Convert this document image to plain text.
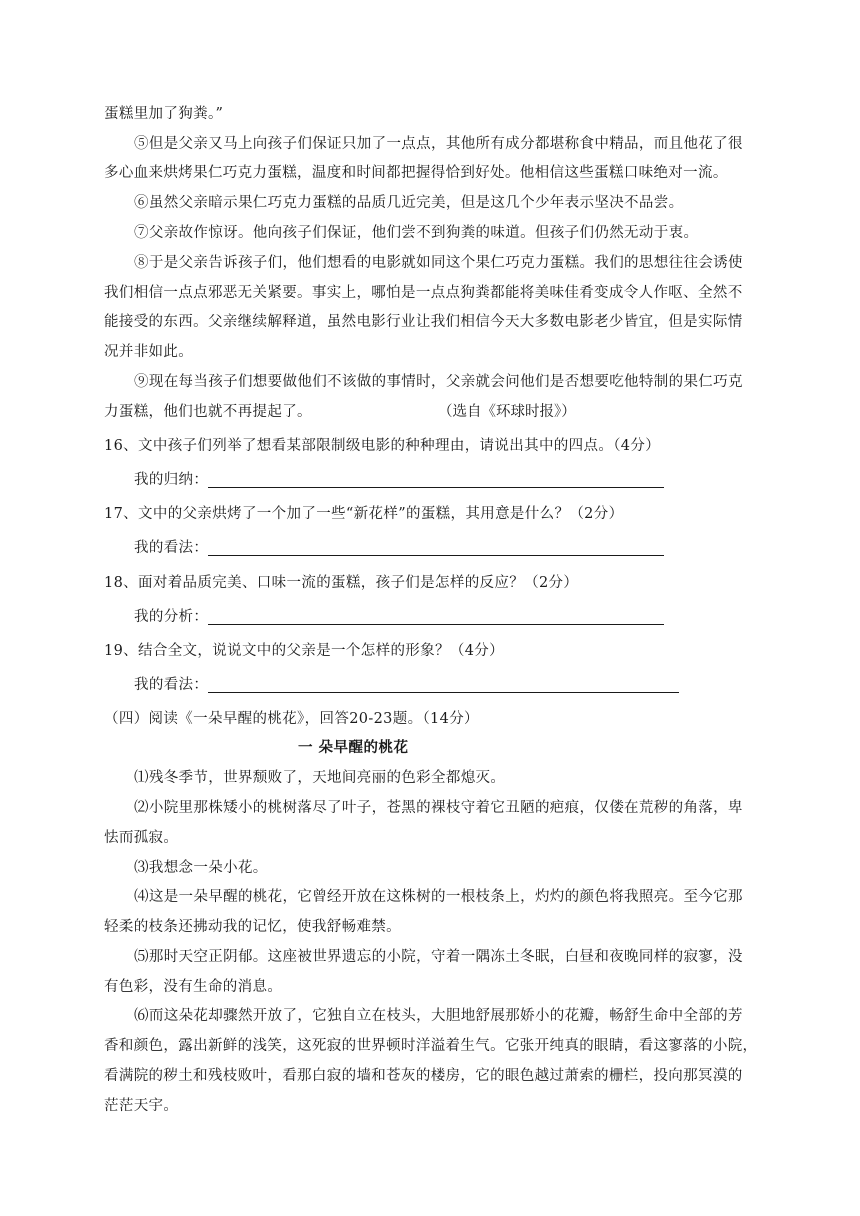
蛋糕里加了狗粪。”
⑤但是父亲又马上向孩子们保证只加了一点点，其他所有成分都堪称食中精品，而且他花了很
多心血来烘烤果仁巧克力蛋糕，温度和时间都把握得恰到好处。他相信这些蛋糕口味绝对一流。
⑥虽然父亲暗示果仁巧克力蛋糕的品质几近完美，但是这几个少年表示坚决不品尝。
⑦父亲故作惊讶。他向孩子们保证，他们尝不到狗粪的味道。但孩子们仍然无动于衷。
⑧于是父亲告诉孩子们，他们想看的电影就如同这个果仁巧克力蛋糕。我们的思想往往会诱使
我们相信一点点邪恶无关紧要。事实上，哪怕是一点点狗粪都能将美味佳肴变成令人作呕、全然不
能接受的东西。父亲继续解释道，虽然电影行业让我们相信今天大多数电影老少皆宜，但是实际情
况并非如此。
⑨现在每当孩子们想要做他们不该做的事情时，父亲就会问他们是否想要吃他特制的果仁巧克
力蛋糕，他们也就不再提起了。	（选自《环球时报》）
16、文中孩子们列举了想看某部限制级电影的种种理由，请说出其中的四点。（4分）
我的归纳：
17、文中的父亲烘烤了一个加了一些“新花样”的蛋糕，其用意是什么？（2分）
我的看法：
18、面对着品质完美、口味一流的蛋糕，孩子们是怎样的反应？（2分）
我的分析：
19、结合全文，说说文中的父亲是一个怎样的形象？（4分）
我的看法：
（四）阅读《一朵早醒的桃花》，回答20-23题。（14分）
一 朵早醒的桃花
⑴残冬季节，世界颓败了，天地间亮丽的色彩全都熄灭。
⑵小院里那株矮小的桃树落尽了叶子，苍黑的裸枝守着它丑陋的疤痕，仅偻在荒秽的角落，卑
怯而孤寂。
⑶我想念一朵小花。
⑷这是一朵早醒的桃花，它曾经开放在这株树的一根枝条上，灼灼的颜色将我照亮。至今它那
轻柔的枝条还拂动我的记忆，使我舒畅难禁。
⑸那时天空正阴郁。这座被世界遗忘的小院，守着一隅冻土冬眠，白昼和夜晚同样的寂寥，没
有色彩，没有生命的消息。
⑹而这朵花却骤然开放了，它独自立在枝头，大胆地舒展那娇小的花瓣，畅舒生命中全部的芳
香和颜色，露出新鲜的浅笑，这死寂的世界顿时洋溢着生气。它张开纯真的眼睛，看这寥落的小院，
看满院的秽土和残枝败叶，看那白寂的墙和苍灰的楼房，它的眼色越过萧索的栅栏，投向那冥漠的
茫茫天宇。
